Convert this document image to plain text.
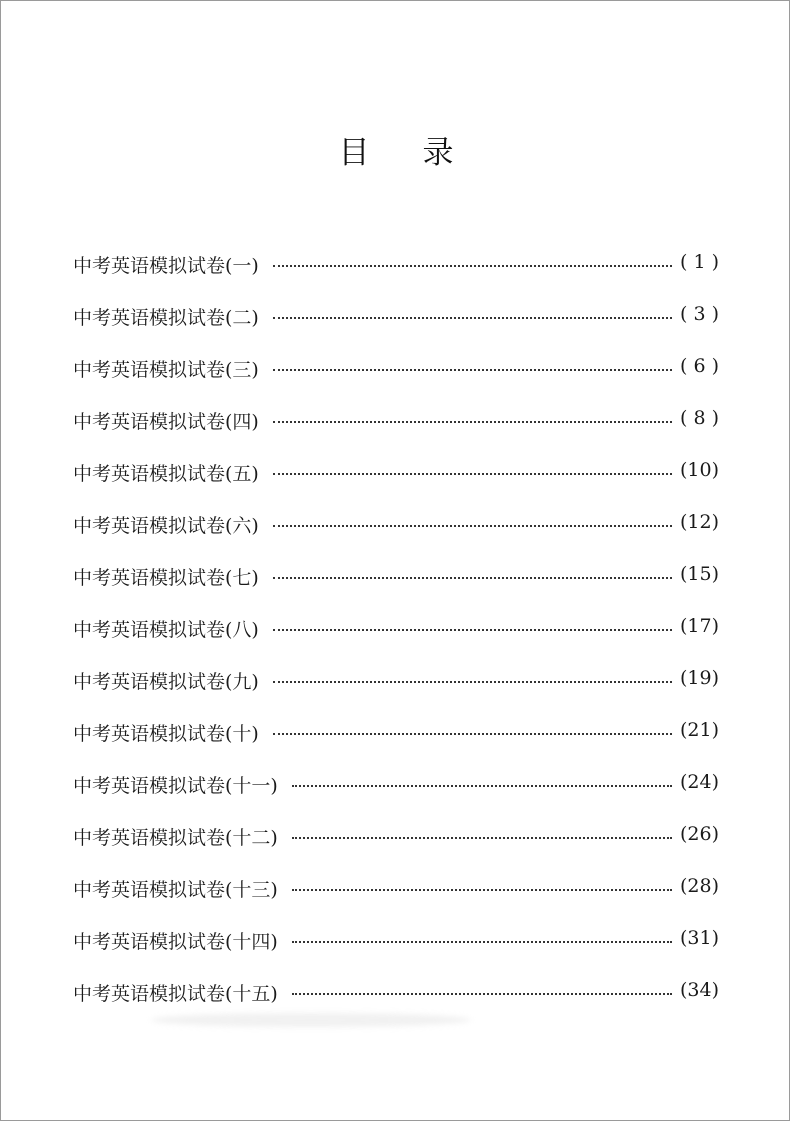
目 录
中考英语模拟试卷(一)	( 1 )
中考英语模拟试卷(二)	( 3 )
中考英语模拟试卷(三)	( 6 )
中考英语模拟试卷(四)	( 8 )
中考英语模拟试卷(五)	(10)
中考英语模拟试卷(六)	(12)
中考英语模拟试卷(七)	(15)
中考英语模拟试卷(八)	(17)
中考英语模拟试卷(九)	(19)
中考英语模拟试卷(十)	(21)
中考英语模拟试卷(十一)	(24)
中考英语模拟试卷(十二)	(26)
中考英语模拟试卷(十三)	(28)
中考英语模拟试卷(十四)	(31)
中考英语模拟试卷(十五)	(34)
